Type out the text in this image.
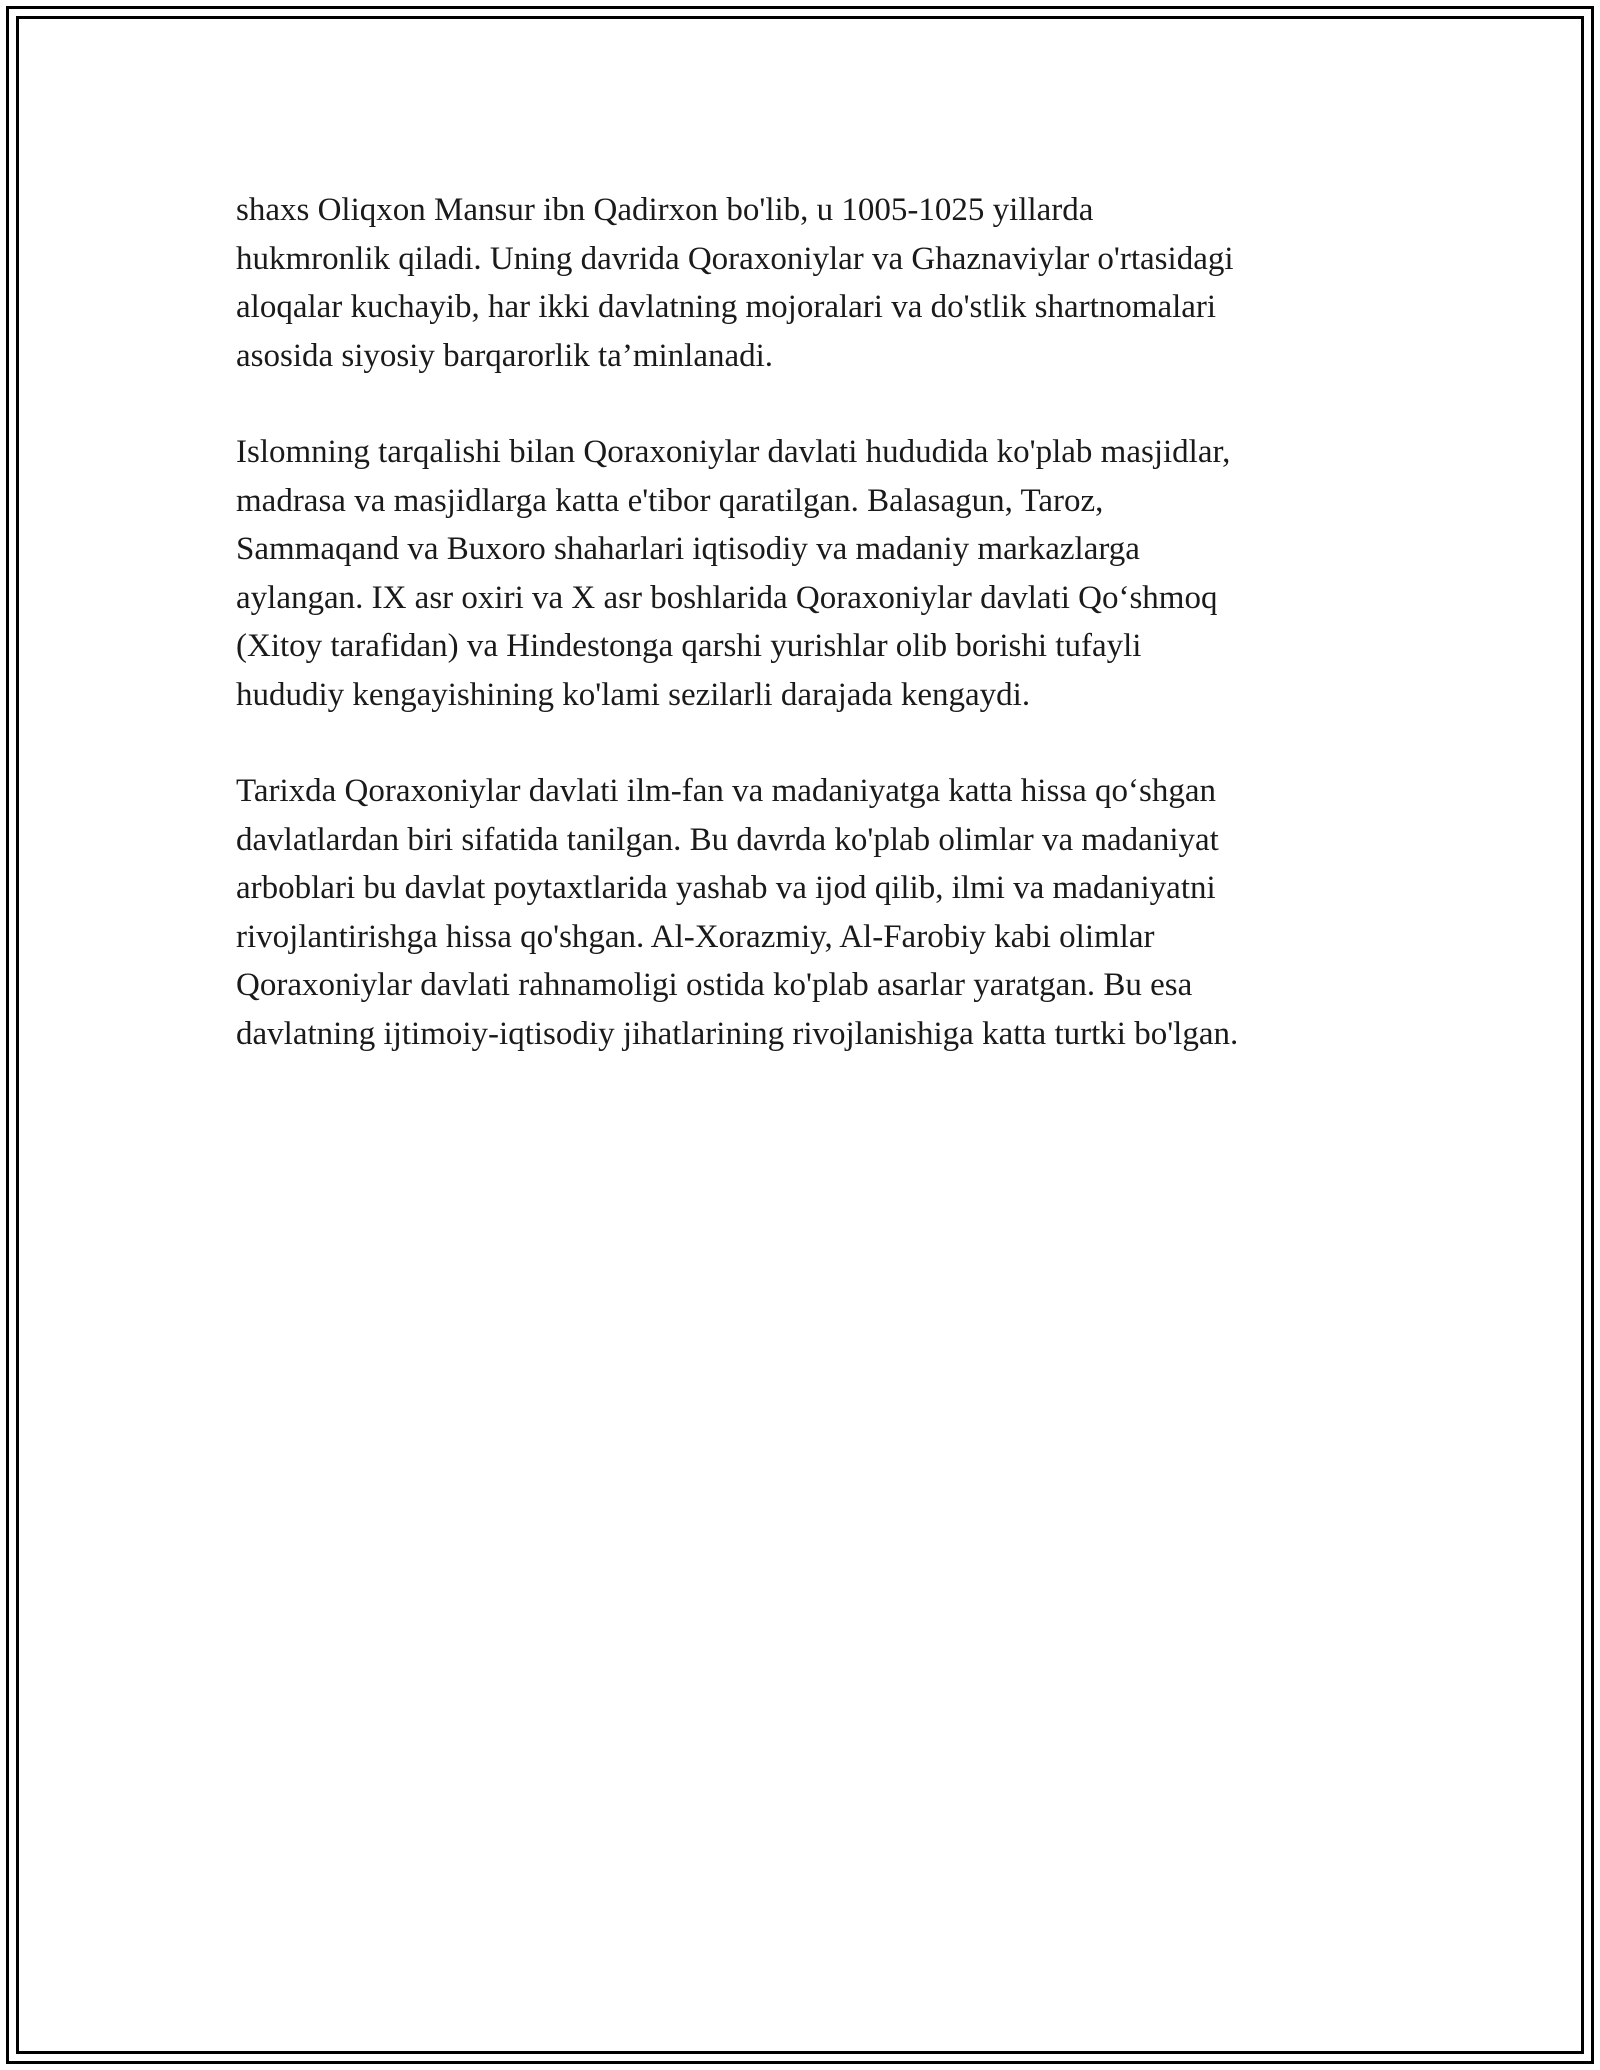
shaxs Oliqxon Mansur ibn Qadirxon bo'lib, u 1005-1025 yillarda
hukmronlik qiladi. Uning davrida Qoraxoniylar va Ghaznaviylar o'rtasidagi
aloqalar kuchayib, har ikki davlatning mojoralari va do'stlik shartnomalari
asosida siyosiy barqarorlik ta’minlanadi.

Islomning tarqalishi bilan Qoraxoniylar davlati hududida ko'plab masjidlar,
madrasa va masjidlarga katta e'tibor qaratilgan. Balasagun, Taroz,
Sammaqand va Buxoro shaharlari iqtisodiy va madaniy markazlarga
aylangan. IX asr oxiri va X asr boshlarida Qoraxoniylar davlati Qo‘shmoq
(Xitoy tarafidan) va Hindestonga qarshi yurishlar olib borishi tufayli
hududiy kengayishining ko'lami sezilarli darajada kengaydi.

Tarixda Qoraxoniylar davlati ilm-fan va madaniyatga katta hissa qo‘shgan
davlatlardan biri sifatida tanilgan. Bu davrda ko'plab olimlar va madaniyat
arboblari bu davlat poytaxtlarida yashab va ijod qilib, ilmi va madaniyatni
rivojlantirishga hissa qo'shgan. Al-Xorazmiy, Al-Farobiy kabi olimlar
Qoraxoniylar davlati rahnamoligi ostida ko'plab asarlar yaratgan. Bu esa
davlatning ijtimoiy-iqtisodiy jihatlarining rivojlanishiga katta turtki bo'lgan.
